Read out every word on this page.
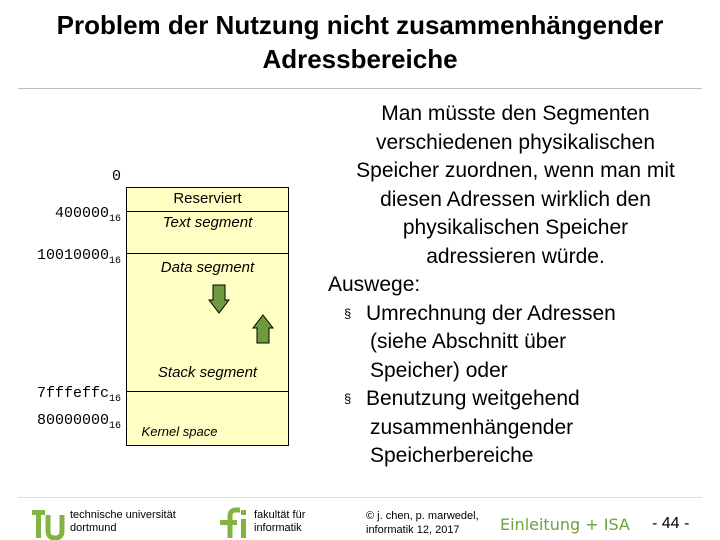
Problem der Nutzung nicht zusammenhängender
Adressbereiche
0
$400000_{16}$
$10010000_{16}$
7fffeffc$_{16}$
$80000000_{16}$
Reserviert
Text segment
Data segment
Stack segment
Kernel space
Man müsste den Segmenten
verschiedenen physikalischen
Speicher zuordnen, wenn man mit
diesen Adressen wirklich den
physikalischen Speicher
adressieren würde.
Auswege:
§ Umrechnung der Adressen
(siehe Abschnitt über
Speicher) oder
§ Benutzung weitgehend
zusammenhängender
Speicherbereiche
technische universität
dortmund
fakultät für
informatik
© j. chen, p. marwedel,
informatik 12, 2017	Einleitung + ISA - 44 -
